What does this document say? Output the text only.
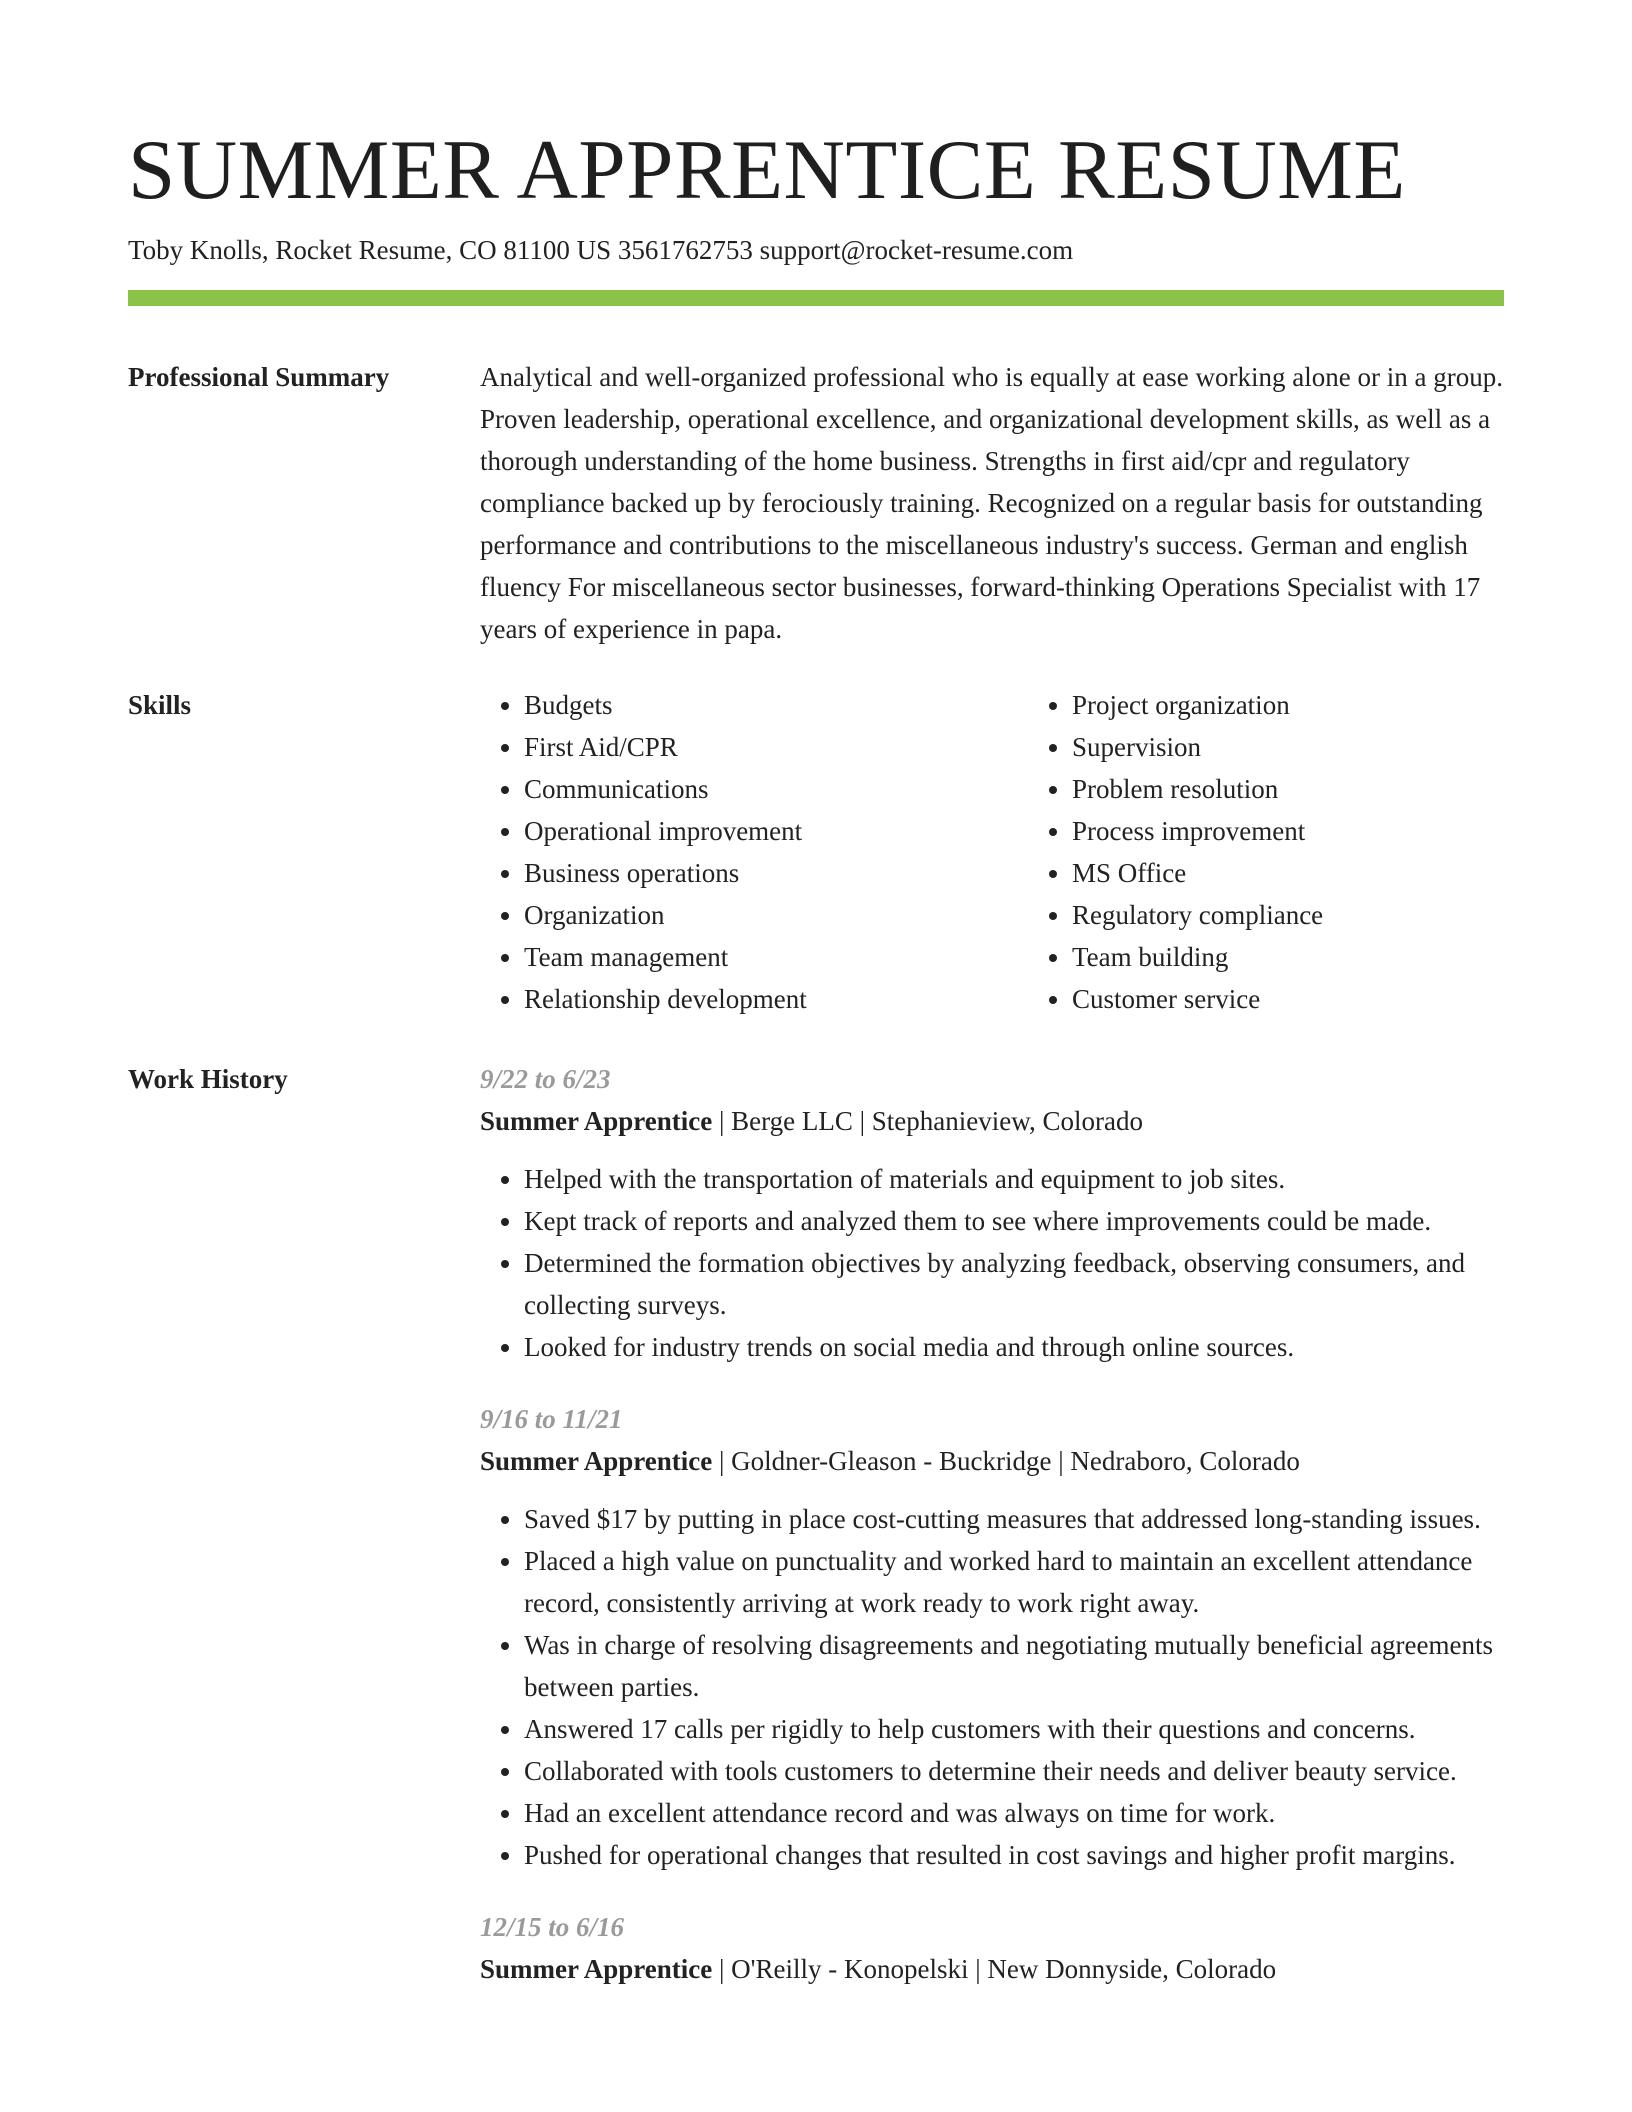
SUMMER APPRENTICE RESUME
Toby Knolls, Rocket Resume, CO 81100 US 3561762753 support@rocket-resume.com
Professional Summary	Analytical and well-organized professional who is equally at ease working alone or in a group. Proven leadership, operational excellence, and organizational development skills, as well as a thorough understanding of the home business. Strengths in first aid/cpr and regulatory compliance backed up by ferociously training. Recognized on a regular basis for outstanding performance and contributions to the miscellaneous industry's success. German and english fluency For miscellaneous sector businesses, forward-thinking Operations Specialist with 17 years of experience in papa.

Skills
•	Budgets
• First Aid/CPR
• Communications
• Operational improvement
• Business operations
• Organization
• Team management
• Relationship development
• Project organization
• Supervision
• Problem resolution
• Process improvement
• MS Office
• Regulatory compliance
• Team building
• Customer service
Work History	9/22 to 6/23
Summer Apprentice | Berge LLC | Stephanieview, Colorado
• Helped with the transportation of materials and equipment to job sites.
• Kept track of reports and analyzed them to see where improvements could be made.
• Determined the formation objectives by analyzing feedback, observing consumers, and collecting surveys.
• Looked for industry trends on social media and through online sources.
9/16 to 11/21
Summer Apprentice | Goldner-Gleason - Buckridge | Nedraboro, Colorado
• Saved $17 by putting in place cost-cutting measures that addressed long-standing issues.
• Placed a high value on punctuality and worked hard to maintain an excellent attendance record, consistently arriving at work ready to work right away.
• Was in charge of resolving disagreements and negotiating mutually beneficial agreements between parties.
• Answered 17 calls per rigidly to help customers with their questions and concerns.
• Collaborated with tools customers to determine their needs and deliver beauty service.
• Had an excellent attendance record and was always on time for work.
• Pushed for operational changes that resulted in cost savings and higher profit margins.
12/15 to 6/16
Summer Apprentice | O'Reilly - Konopelski | New Donnyside, Colorado
